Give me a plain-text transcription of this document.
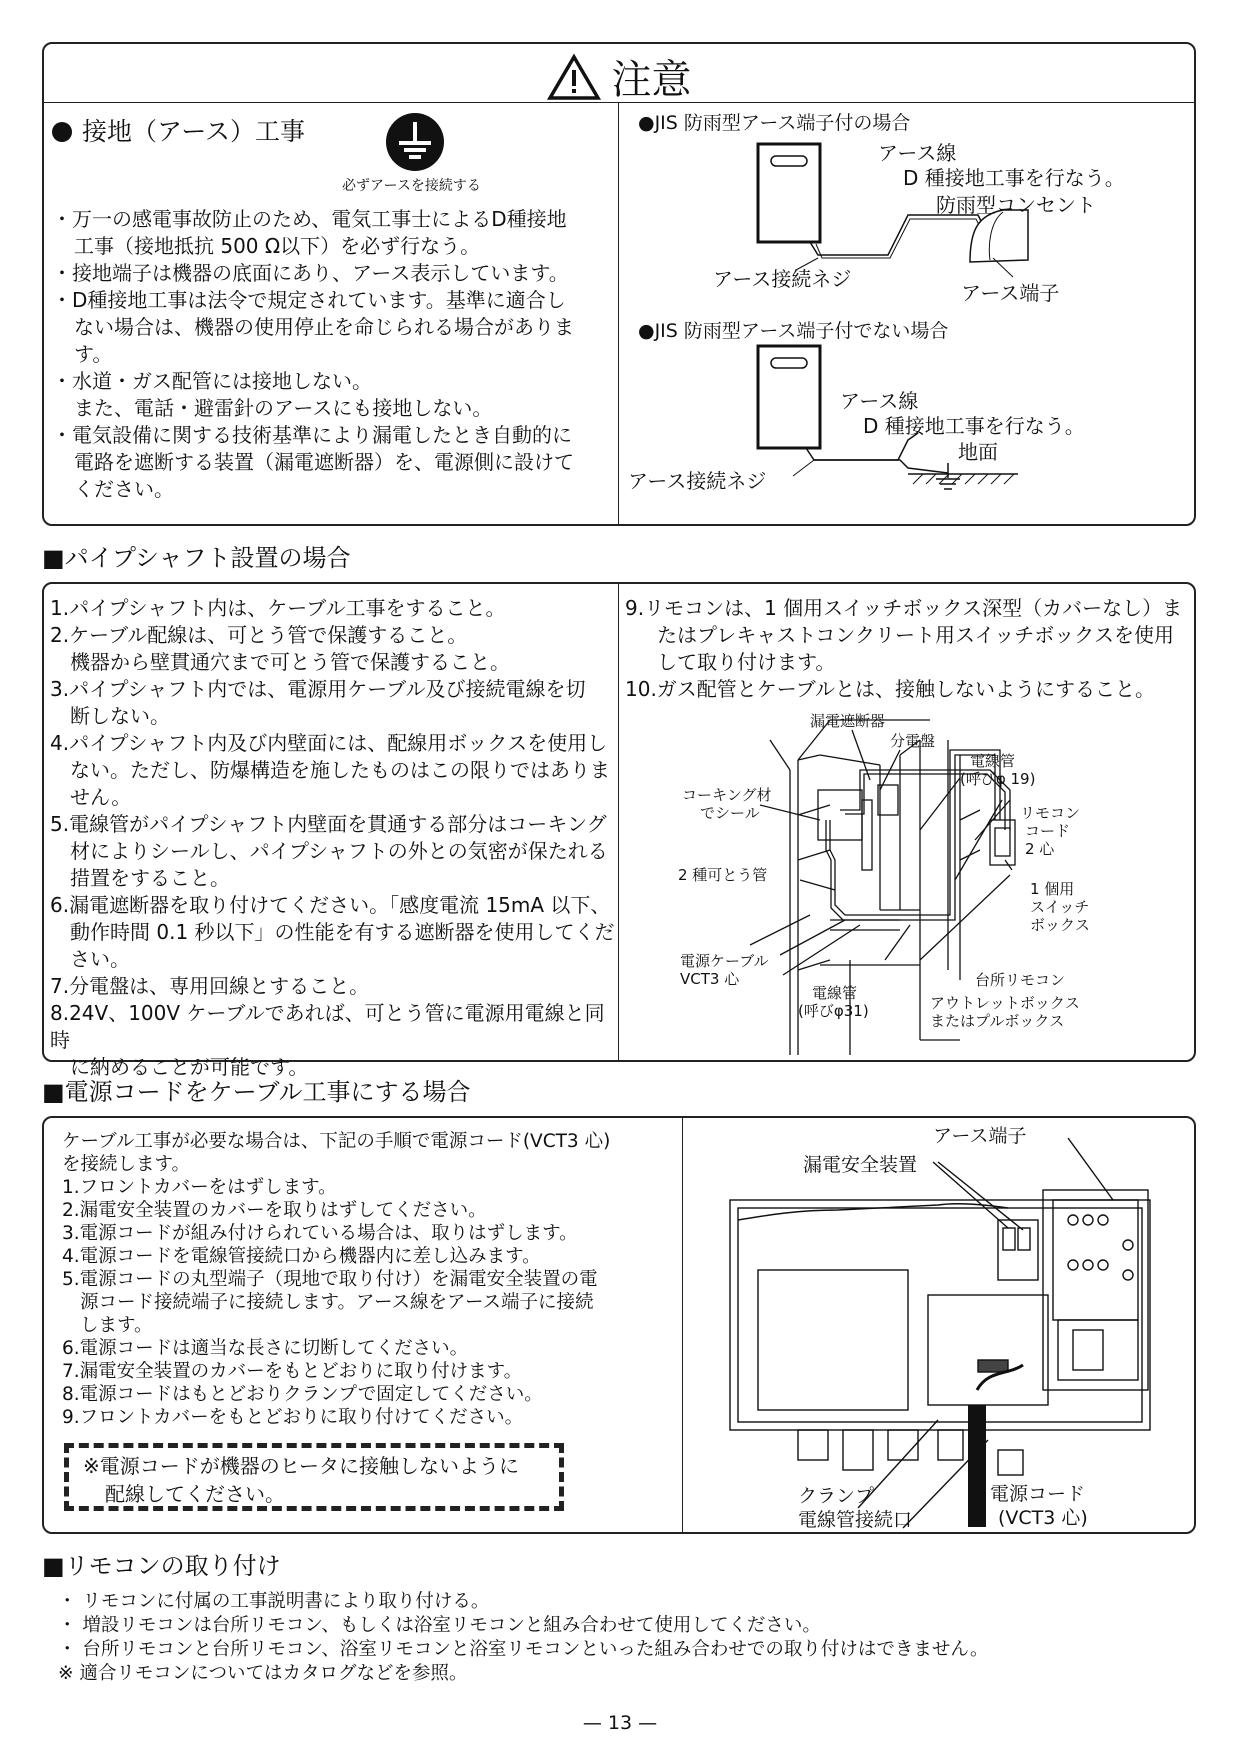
注意
接地（アース）工事
必ずアースを接続する
・万一の感電事故防止のため、電気工事士によるD種接地
工事（接地抵抗 500 Ω以下）を必ず行なう。
・接地端子は機器の底面にあり、アース表示しています。
・D種接地工事は法令で規定されています。基準に適合し
ない場合は、機器の使用停止を命じられる場合がありま
す。
・水道・ガス配管には接地しない。
また、電話・避雷針のアースにも接地しない。
・電気設備に関する技術基準により漏電したとき自動的に
電路を遮断する装置（漏電遮断器）を、電源側に設けて
ください。
●JIS 防雨型アース端子付の場合
アース線
D 種接地工事を行なう。
防雨型コンセント
アース接続ネジ
アース端子
●JIS 防雨型アース端子付でない場合
アース線
D 種接地工事を行なう。
地面
アース接続ネジ
■パイプシャフト設置の場合
1.パイプシャフト内は、ケーブル工事をすること。
2.ケーブル配線は、可とう管で保護すること。
機器から壁貫通穴まで可とう管で保護すること。
3.パイプシャフト内では、電源用ケーブル及び接続電線を切
断しない。
4.パイプシャフト内及び内壁面には、配線用ボックスを使用し
ない。ただし、防爆構造を施したものはこの限りではありま
せん。
5.電線管がパイプシャフト内壁面を貫通する部分はコーキング
材によりシールし、パイプシャフトの外との気密が保たれる
措置をすること。
6.漏電遮断器を取り付けてください。「感度電流 15mA 以下、
動作時間 0.1 秒以下」の性能を有する遮断器を使用してくだ
さい。
7.分電盤は、専用回線とすること。
8.24V、100V ケーブルであれば、可とう管に電源用電線と同時
に納めることが可能です。
9.リモコンは、1 個用スイッチボックス深型（カバーなし）ま
たはプレキャストコンクリート用スイッチボックスを使用
して取り付けます。
10.ガス配管とケーブルとは、接触しないようにすること。
漏電遮断器
分電盤
電線管
(呼びφ 19)
コーキング材
でシール	リモコン
コード
2 心
2 種可とう管
1 個用
スイッチ
ボックス
電源ケーブル
VCT3 心	台所リモコン
電線管
(呼びφ31)	アウトレットボックス
またはプルボックス
■電源コードをケーブル工事にする場合
ケーブル工事が必要な場合は、下記の手順で電源コード(VCT3 心)
を接続します。
1.フロントカバーをはずします。
2.漏電安全装置のカバーを取りはずしてください。
3.電源コードが組み付けられている場合は、取りはずします。
4.電源コードを電線管接続口から機器内に差し込みます。
5.電源コードの丸型端子（現地で取り付け）を漏電安全装置の電
源コード接続端子に接続します。アース線をアース端子に接続
します。
6.電源コードは適当な長さに切断してください。
7.漏電安全装置のカバーをもとどおりに取り付けます。
8.電源コードはもとどおりクランプで固定してください。
9.フロントカバーをもとどおりに取り付けてください。
※電源コードが機器のヒータに接触しないように
配線してください。
アース端子
漏電安全装置
クランプ
電線管接続口
電源コード
(VCT3 心)
■リモコンの取り付け
・ リモコンに付属の工事説明書により取り付ける。
・ 増設リモコンは台所リモコン、もしくは浴室リモコンと組み合わせて使用してください。
・ 台所リモコンと台所リモコン、浴室リモコンと浴室リモコンといった組み合わせでの取り付けはできません。
※ 適合リモコンについてはカタログなどを参照。
— 13 —
